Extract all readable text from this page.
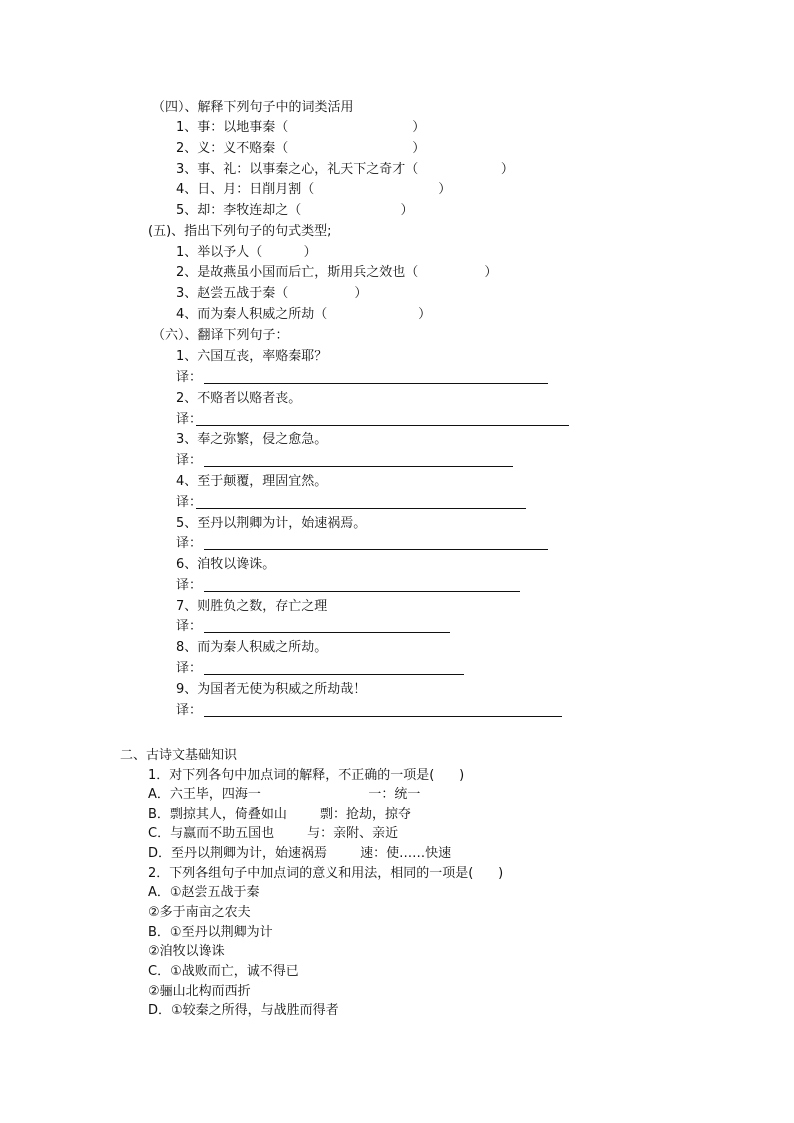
（四）、解释下列句子中的词类活用
1、事：以地事秦（                              ）
2、义：义不赂秦（                              ）
3、事、礼：以事秦之心，礼天下之奇才（                    ）
4、日、月：日削月割（                              ）
5、却：李牧连却之（                        ）
(五)、指出下列句子的句式类型;
1、举以予人（          ）
2、是故燕虽小国而后亡，斯用兵之效也（                ）
3、赵尝五战于秦（                ）
4、而为秦人积威之所劫（                      ）
（六）、翻译下列句子：
1、六国互丧，率赂秦耶？
译：
2、不赂者以赂者丧。
译：
3、奉之弥繁，侵之愈急。
译：
4、至于颠覆，理固宜然。
译：
5、至丹以荆卿为计，始速祸焉。
译：
6、洎牧以谗诛。
译：
7、则胜负之数，存亡之理
译：
8、而为秦人积威之所劫。
译：
9、为国者无使为积威之所劫哉！
译：
二、古诗文基础知识
1．对下列各句中加点词的解释，不正确的一项是(      )
A．六王毕，四海一                          一：统一
B．剽掠其人，倚叠如山        剽：抢劫，掠夺
C．与嬴而不助五国也        与：亲附、亲近
D．至丹以荆卿为计，始速祸焉        速：使……快速
2．下列各组句子中加点词的意义和用法，相同的一项是(      )
A．①赵尝五战于秦
②多于南亩之农夫
B．①至丹以荆卿为计
②洎牧以谗诛
C．①战败而亡，诚不得已
②骊山北构而西折
D．①较秦之所得，与战胜而得者
